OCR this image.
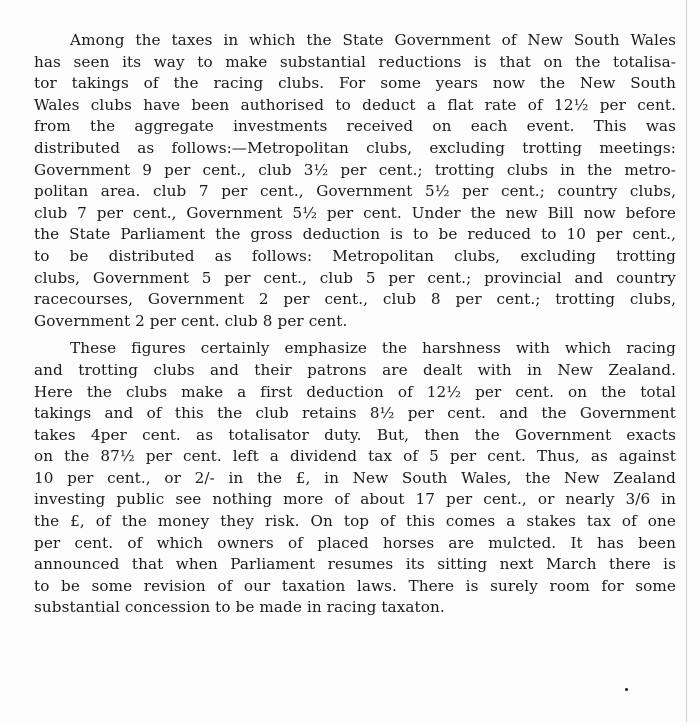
Among the taxes in which the State Government of New South Wales
has seen its way to make substantial reductions is that on the totalisa-
tor takings of the racing clubs. For some years now the New South
Wales clubs have been authorised to deduct a flat rate of 12½ per cent.
from the aggregate investments received on each event. This was
distributed as follows:—Metropolitan clubs, excluding trotting meetings:
Government 9 per cent., club 3½ per cent.; trotting clubs in the metro-
politan area. club 7 per cent., Government 5½ per cent.; country clubs,
club 7 per cent., Government 5½ per cent. Under the new Bill now before
the State Parliament the gross deduction is to be reduced to 10 per cent.,
to be distributed as follows: Metropolitan clubs, excluding trotting
clubs, Government 5 per cent., club 5 per cent.; provincial and country
racecourses, Government 2 per cent., club 8 per cent.; trotting clubs,
Government 2 per cent. club 8 per cent.

These figures certainly emphasize the harshness with which racing
and trotting clubs and their patrons are dealt with in New Zealand.
Here the clubs make a first deduction of 12½ per cent. on the total
takings and of this the club retains 8½ per cent. and the Government
takes 4per cent. as totalisator duty. But, then the Government exacts
on the 87½ per cent. left a dividend tax of 5 per cent. Thus, as against
10 per cent., or 2/- in the £, in New South Wales, the New Zealand
investing public see nothing more of about 17 per cent., or nearly 3/6 in
the £, of the money they risk. On top of this comes a stakes tax of one
per cent. of which owners of placed horses are mulcted. It has been
announced that when Parliament resumes its sitting next March there is
to be some revision of our taxation laws. There is surely room for some
substantial concession to be made in racing taxaton.
